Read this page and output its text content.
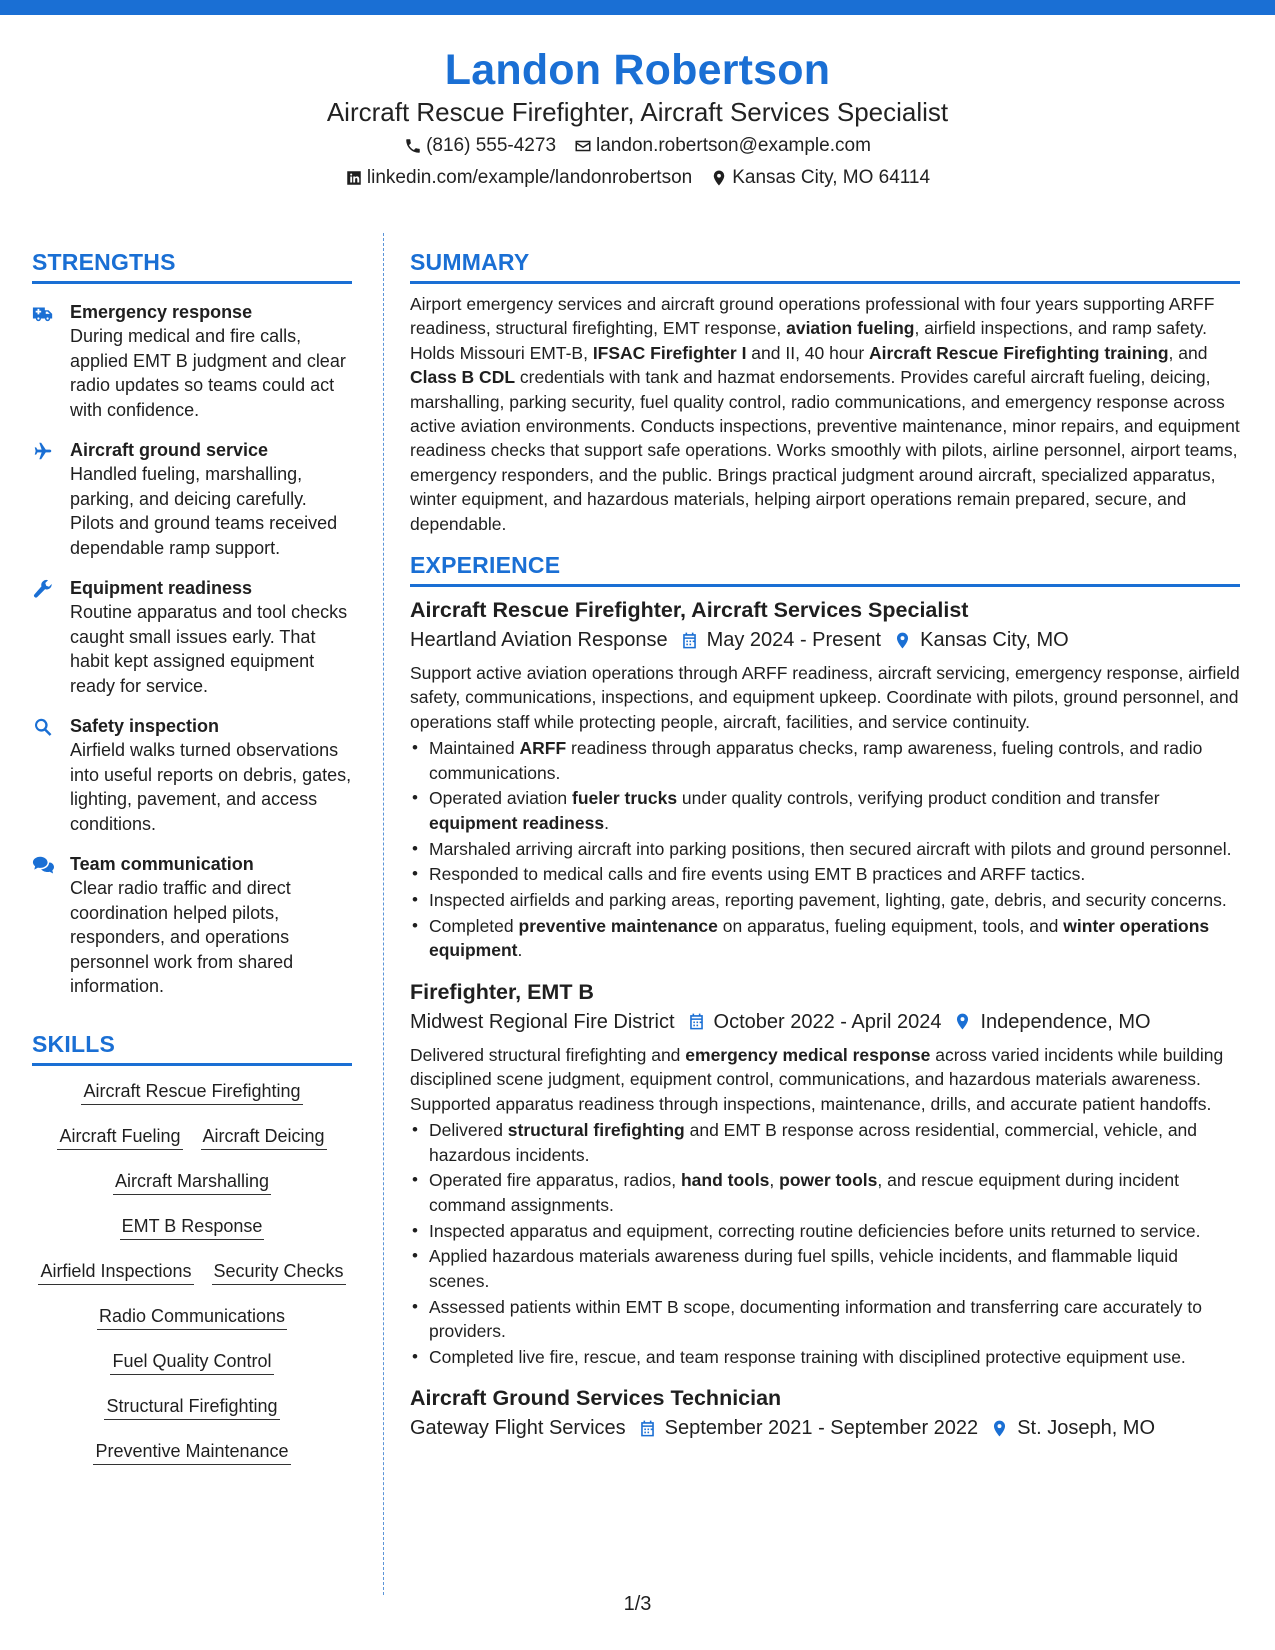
Landon Robertson
Aircraft Rescue Firefighter, Aircraft Services Specialist
(816) 555-4273 landon.robertson@example.com
linkedin.com/example/landonrobertson Kansas City, MO 64114
STRENGTHS
Emergency response
During medical and fire calls, applied EMT B judgment and clear radio updates so teams could act with confidence.
Aircraft ground service
Handled fueling, marshalling, parking, and deicing carefully. Pilots and ground teams received dependable ramp support.
Equipment readiness
Routine apparatus and tool checks caught small issues early. That habit kept assigned equipment ready for service.
Safety inspection
Airfield walks turned observations into useful reports on debris, gates, lighting, pavement, and access conditions.
Team communication
Clear radio traffic and direct coordination helped pilots, responders, and operations personnel work from shared information.
SKILLS
Aircraft Rescue Firefighting
Aircraft Fueling Aircraft Deicing
Aircraft Marshalling
EMT B Response
Airfield Inspections Security Checks
Radio Communications
Fuel Quality Control
Structural Firefighting
Preventive Maintenance
SUMMARY

Airport emergency services and aircraft ground operations professional with four years supporting ARFF readiness, structural firefighting, EMT response, aviation fueling, airfield inspections, and ramp safety. Holds Missouri EMT-B, IFSAC Firefighter I and II, 40 hour Aircraft Rescue Firefighting training, and Class B CDL credentials with tank and hazmat endorsements. Provides careful aircraft fueling, deicing, marshalling, parking security, fuel quality control, radio communications, and emergency response across active aviation environments. Conducts inspections, preventive maintenance, minor repairs, and equipment readiness checks that support safe operations. Works smoothly with pilots, airline personnel, airport teams, emergency responders, and the public. Brings practical judgment around aircraft, specialized apparatus, winter equipment, and hazardous materials, helping airport operations remain prepared, secure, and dependable.

EXPERIENCE
Aircraft Rescue Firefighter, Aircraft Services Specialist
Heartland Aviation Response May 2024 - Present Kansas City, MO

Support active aviation operations through ARFF readiness, aircraft servicing, emergency response, airfield safety, communications, inspections, and equipment upkeep. Coordinate with pilots, ground personnel, and operations staff while protecting people, aircraft, facilities, and service continuity.

• Maintained ARFF readiness through apparatus checks, ramp awareness, fueling controls, and radio communications.
• Operated aviation fueler trucks under quality controls, verifying product condition and transfer equipment readiness.
• Marshaled arriving aircraft into parking positions, then secured aircraft with pilots and ground personnel.
• Responded to medical calls and fire events using EMT B practices and ARFF tactics.
• Inspected airfields and parking areas, reporting pavement, lighting, gate, debris, and security concerns.
• Completed preventive maintenance on apparatus, fueling equipment, tools, and winter operations equipment.
Firefighter, EMT B
Midwest Regional Fire District October 2022 - April 2024 Independence, MO

Delivered structural firefighting and emergency medical response across varied incidents while building disciplined scene judgment, equipment control, communications, and hazardous materials awareness. Supported apparatus readiness through inspections, maintenance, drills, and accurate patient handoffs.

• Delivered structural firefighting and EMT B response across residential, commercial, vehicle, and hazardous incidents.
• Operated fire apparatus, radios, hand tools, power tools, and rescue equipment during incident command assignments.
• Inspected apparatus and equipment, correcting routine deficiencies before units returned to service.
• Applied hazardous materials awareness during fuel spills, vehicle incidents, and flammable liquid scenes.
• Assessed patients within EMT B scope, documenting information and transferring care accurately to providers.
• Completed live fire, rescue, and team response training with disciplined protective equipment use.
Aircraft Ground Services Technician
Gateway Flight Services September 2021 - September 2022 St. Joseph, MO
1/3
